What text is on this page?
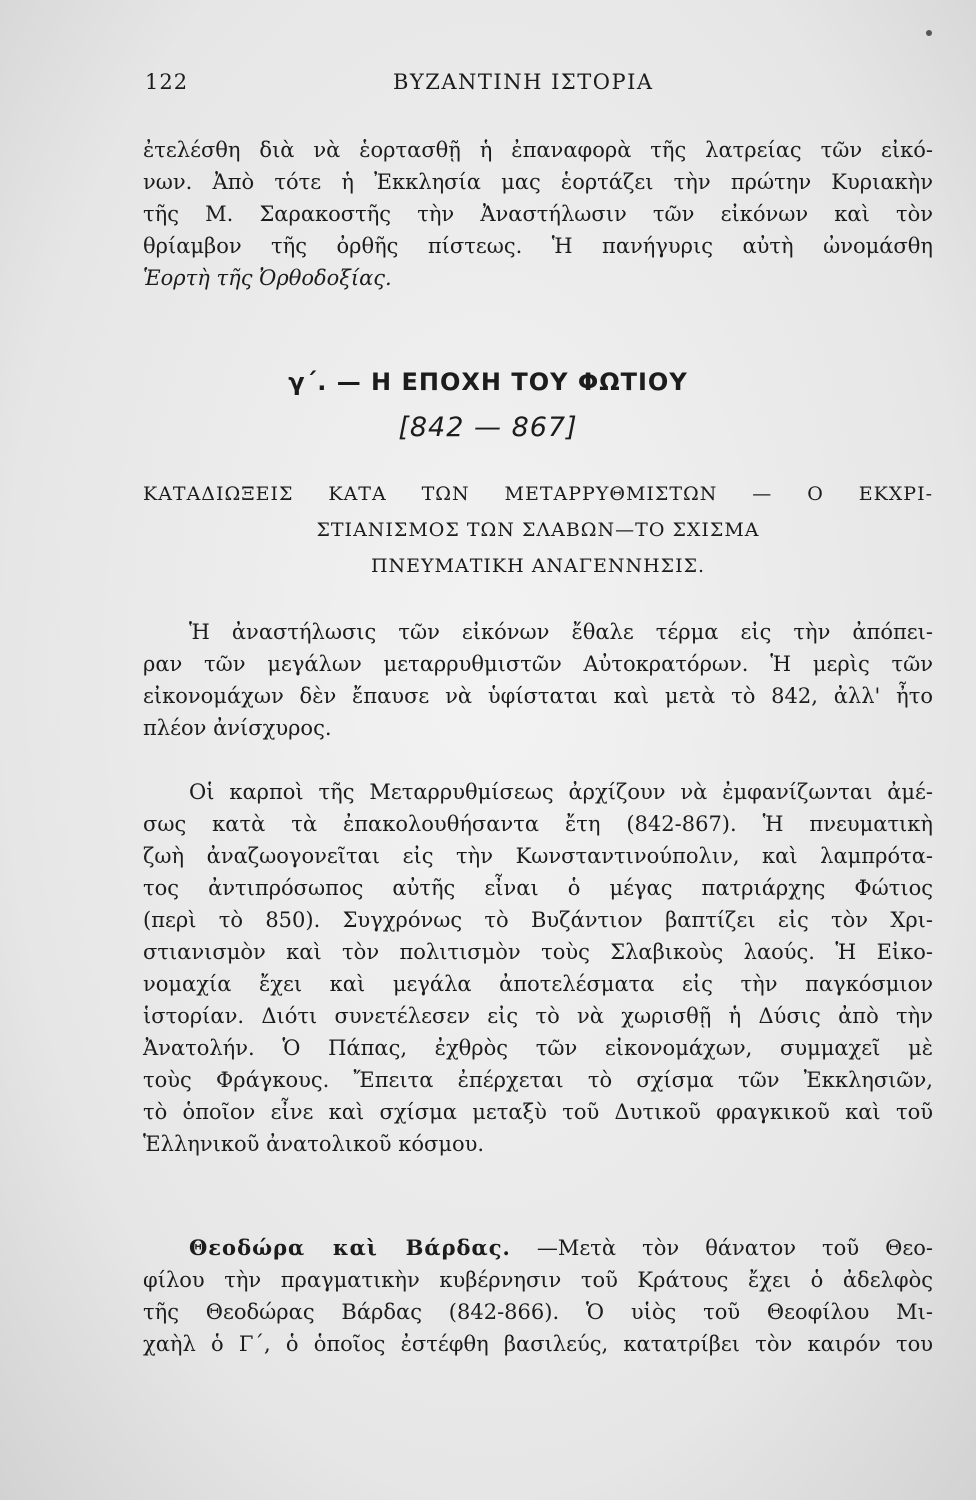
122	ΒΥΖΑΝΤΙΝΗ ΙΣΤΟΡΙΑ
ἐτελέσθη διὰ νὰ ἑορτασθῇ ἡ ἐπαναφορὰ τῆς λατρείας τῶν εἰκό-
νων. Ἀπὸ τότε ἡ Ἐκκλησία μας ἑορτάζει τὴν πρώτην Κυριακὴν
τῆς Μ. Σαρακοστῆς τὴν Ἀναστήλωσιν τῶν εἰκόνων καὶ τὸν
θρίαμβον τῆς ὀρθῆς πίστεως. Ἡ πανήγυρις αὐτὴ ὠνομάσθη
Ἑορτὴ τῆς Ὀρθοδοξίας.
γ΄. — Η ΕΠΟΧΗ ΤΟΥ ΦΩΤΙΟΥ
[842 — 867]
ΚΑΤΑΔΙΩΞΕΙΣ ΚΑΤΑ ΤΩΝ ΜΕΤΑΡΡΥΘΜΙΣΤΩΝ — Ο ΕΚΧΡΙ-
ΣΤΙΑΝΙΣΜΟΣ ΤΩΝ ΣΛΑΒΩΝ—ΤΟ ΣΧΙΣΜΑ
ΠΝΕΥΜΑΤΙΚΗ ΑΝΑΓΕΝΝΗΣΙΣ.
Ἡ ἀναστήλωσις τῶν εἰκόνων ἔθαλε τέρμα εἰς τὴν ἀπόπει-
ραν τῶν μεγάλων μεταρρυθμιστῶν Αὐτοκρατόρων. Ἡ μερὶς τῶν
εἰκονομάχων δὲν ἔπαυσε νὰ ὑφίσταται καὶ μετὰ τὸ 842, ἀλλ' ἦτο
πλέον ἀνίσχυρος.
Οἱ καρποὶ τῆς Μεταρρυθμίσεως ἀρχίζουν νὰ ἐμφανίζωνται ἀμέ-
σως κατὰ τὰ ἐπακολουθήσαντα ἔτη (842-867). Ἡ πνευματικὴ
ζωὴ ἀναζωογονεῖται εἰς τὴν Κωνσταντινούπολιν, καὶ λαμπρότα-
τος ἀντιπρόσωπος αὐτῆς εἶναι ὁ μέγας πατριάρχης Φώτιος
(περὶ τὸ 850). Συγχρόνως τὸ Βυζάντιον βαπτίζει εἰς τὸν Χρι-
στιανισμὸν καὶ τὸν πολιτισμὸν τοὺς Σλαβικοὺς λαούς. Ἡ Εἰκο-
νομαχία ἔχει καὶ μεγάλα ἀποτελέσματα εἰς τὴν παγκόσμιον
ἱστορίαν. Διότι συνετέλεσεν εἰς τὸ νὰ χωρισθῇ ἡ Δύσις ἀπὸ τὴν
Ἀνατολήν. Ὁ Πάπας, ἐχθρὸς τῶν εἰκονομάχων, συμμαχεῖ μὲ
τοὺς Φράγκους. Ἔπειτα ἐπέρχεται τὸ σχίσμα τῶν Ἐκκλησιῶν,
τὸ ὁποῖον εἶνε καὶ σχίσμα μεταξὺ τοῦ Δυτικοῦ φραγκικοῦ καὶ τοῦ
Ἑλληνικοῦ ἀνατολικοῦ κόσμου.
Θεοδώρα καὶ Βάρδας. —Μετὰ τὸν θάνατον τοῦ Θεο-
φίλου τὴν πραγματικὴν κυβέρνησιν τοῦ Κράτους ἔχει ὁ ἀδελφὸς
τῆς Θεοδώρας Βάρδας (842-866). Ὁ υἱὸς τοῦ Θεοφίλου Μι-
χαὴλ ὁ Γ΄, ὁ ὁποῖος ἐστέφθη βασιλεύς, κατατρίβει τὸν καιρόν του
